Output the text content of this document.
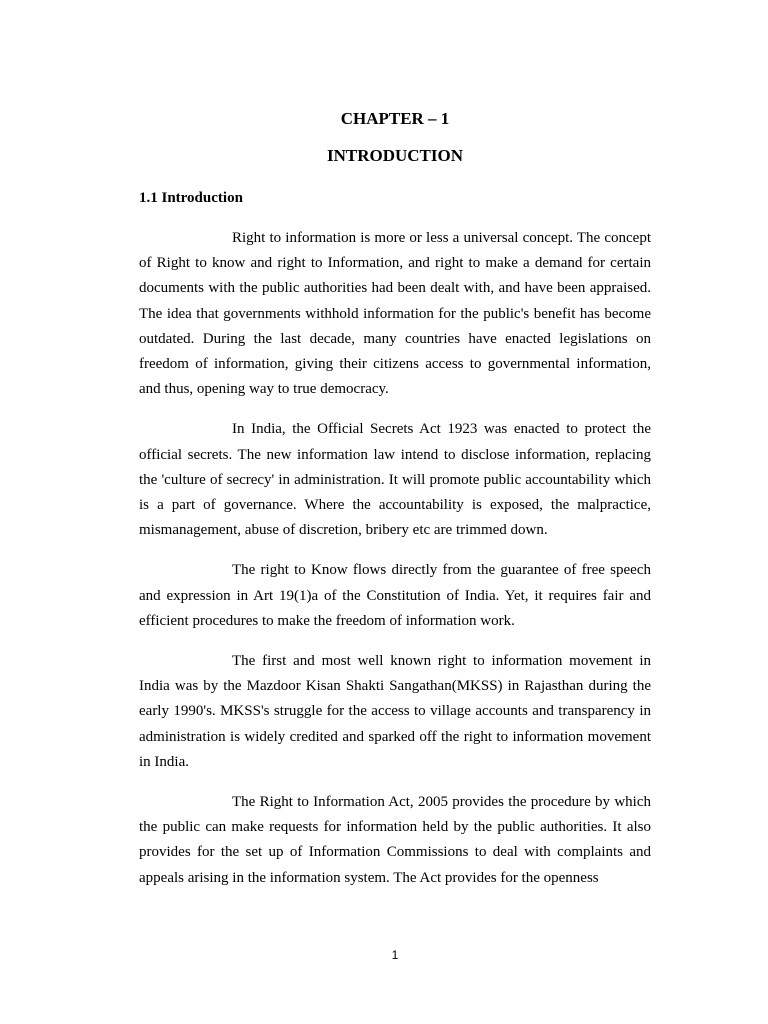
CHAPTER – 1
INTRODUCTION
1.1 Introduction

Right to information is more or less a universal concept. The concept of Right to know and right to Information, and right to make a demand for certain documents with the public authorities had been dealt with, and have been appraised. The idea that governments withhold information for the public's benefit has become outdated. During the last decade, many countries have enacted legislations on freedom of information, giving their citizens access to governmental information, and thus, opening way to true democracy.

In India, the Official Secrets Act 1923 was enacted to protect the official secrets. The new information law intend to disclose information, replacing the 'culture of secrecy' in administration. It will promote public accountability which is a part of governance. Where the accountability is exposed, the malpractice, mismanagement, abuse of discretion, bribery etc are trimmed down.

The right to Know flows directly from the guarantee of free speech and expression in Art 19(1)a of the Constitution of India. Yet, it requires fair and efficient procedures to make the freedom of information work.

The first and most well known right to information movement in India was by the Mazdoor Kisan Shakti Sangathan(MKSS) in Rajasthan during the early 1990's. MKSS's struggle for the access to village accounts and transparency in administration is widely credited and sparked off the right to information movement in India.

The Right to Information Act, 2005 provides the procedure by which the public can make requests for information held by the public authorities. It also provides for the set up of Information Commissions to deal with complaints and appeals arising in the information system. The Act provides for the openness

1
